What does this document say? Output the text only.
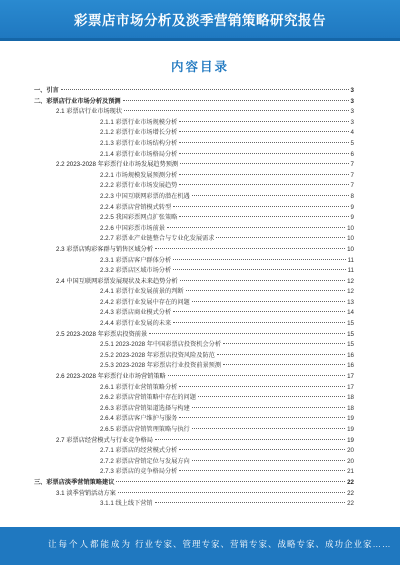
彩票店市场分析及淡季营销策略研究报告
内容目录
一、引言	3
二、彩票店行业市场分析及预测	3
2.1 彩票店行业市场现状	3
2.1.1 彩票行业市场规模分析	3
2.1.2 彩票行业市场增长分析	4
2.1.3 彩票行业市场结构分析	5
2.1.4 彩票行业市场格局分析	6
2.2 2023-2028 年彩票行业市场发展趋势预测	7
2.2.1 市场规模发展预测分析	7
2.2.2 彩票行业市场发展趋势	7
2.2.3 中国互联网彩票的潜在机遇	8
2.2.4 彩票店营销模式转型	9
2.2.5 我国彩票网点扩张策略	9
2.2.6 中国彩票市场前景	10
2.2.7 彩票业产业链整合与专业化发展需求	10
2.3 彩票店购彩客群与销售区域分析	10
2.3.1 彩票店客户群体分析	11
2.3.2 彩票店区域市场分析	11
2.4 中国互联网彩票发展现状及未来趋势分析	12
2.4.1 彩票行业发展前景的判断	12
2.4.2 彩票行业发展中存在的问题	13
2.4.3 彩票店商业模式分析	14
2.4.4 彩票行业发展的未来	15
2.5 2023-2028 年彩票店投资前景	15
2.5.1 2023-2028 年中国彩票店投资机会分析	15
2.5.2 2023-2028 年彩票店投资风险及防范	16
2.5.3 2023-2028 年彩票店行业投资前景预测	16
2.6 2023-2028 年彩票行业市场营销策略	17
2.6.1 彩票行业营销策略分析	17
2.6.2 彩票店营销策略中存在的问题	18
2.6.3 彩票店营销渠道选择与构建	18
2.6.4 彩票店客户维护与服务	19
2.6.5 彩票店营销管理策略与执行	19
2.7 彩票店经营模式与行业竞争格局	19
2.7.1 彩票店的经营模式分析	20
2.7.2 彩票店营销定位与发展方向	20
2.7.3 彩票店的竞争格局分析	21
三、彩票店淡季营销策略建议	22
3.1 淡季营销活动方案	22
3.1.1 线上线下营销	22
让每个人都能成为 行业专家、管理专家、营销专家、战略专家、成功企业家……
